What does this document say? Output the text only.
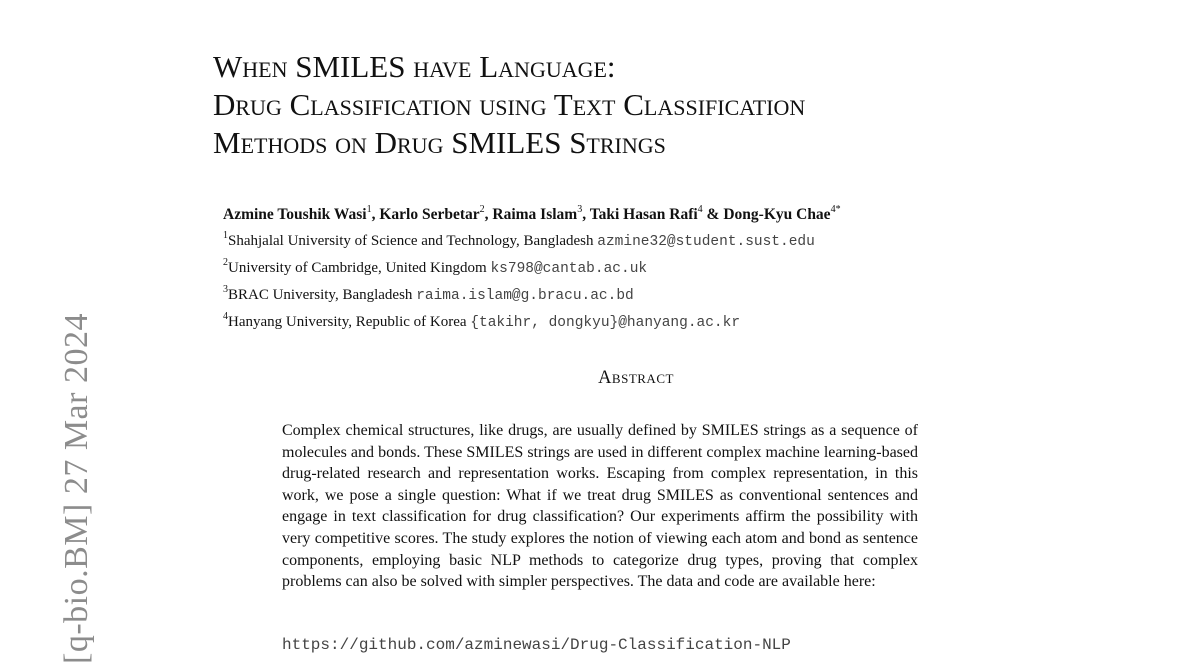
[q-bio.BM] 27 Mar 2024
When SMILES have Language:
Drug Classification using Text Classification
Methods on Drug SMILES Strings
Azmine Toushik Wasi$^1$, Karlo Serbetar$^2$, Raima Islam$^3$, Taki Hasan Rafi$^4$ & Dong-Kyu Chae$^{4*}$
$^1$Shahjalal University of Science and Technology, Bangladesh azmine32@student.sust.edu
$^2$University of Cambridge, United Kingdom ks798@cantab.ac.uk
$^3$BRAC University, Bangladesh raima.islam@g.bracu.ac.bd
$^4$Hanyang University, Republic of Korea {takihr, dongkyu}@hanyang.ac.kr
Abstract

Complex chemical structures, like drugs, are usually defined by SMILES strings as a sequence of molecules and bonds. These SMILES strings are used in different complex machine learning-based drug-related research and representation works. Escaping from complex representation, in this work, we pose a single question: What if we treat drug SMILES as conventional sentences and engage in text classification for drug classification? Our experiments affirm the possibility with very competitive scores. The study explores the notion of viewing each atom and bond as sentence components, employing basic NLP methods to categorize drug types, proving that complex problems can also be solved with simpler perspectives. The data and code are available here:

https://github.com/azminewasi/Drug-Classification-NLP
